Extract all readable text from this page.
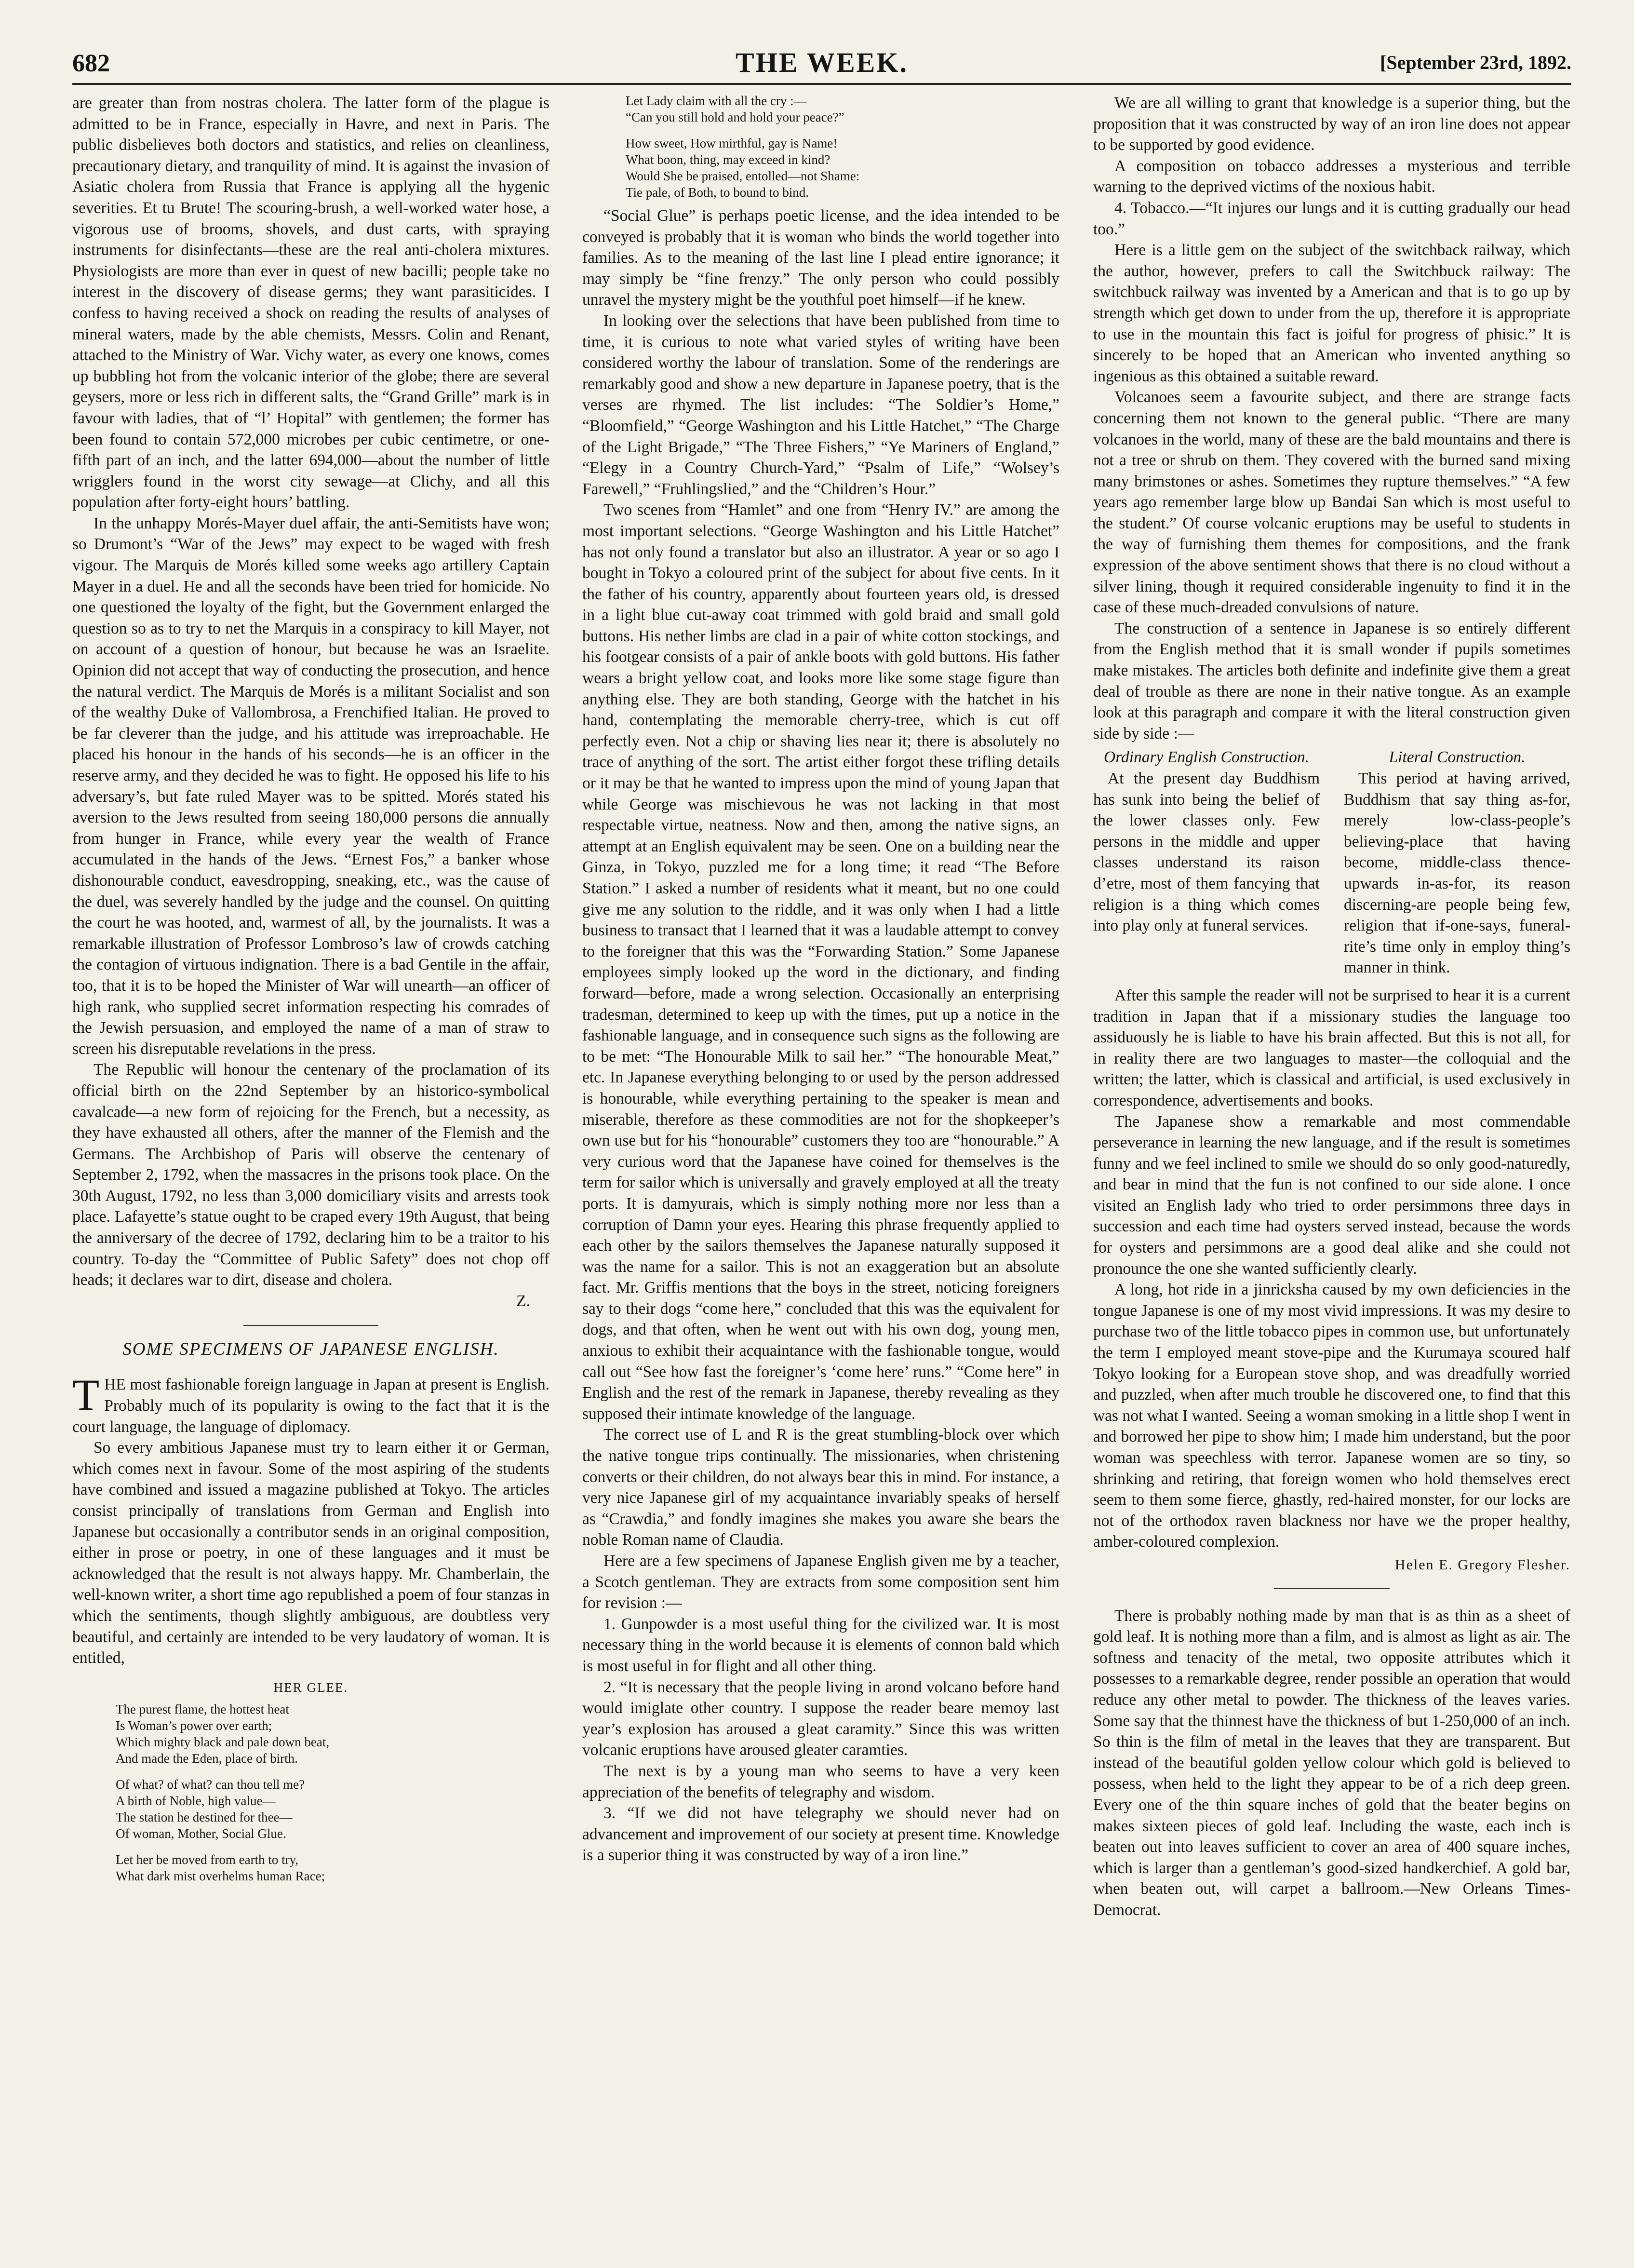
682	THE WEEK.	[September 23rd, 1892.

are greater than from nostras cholera. The latter form of the plague is admitted to be in France, especially in Havre, and next in Paris. The public disbelieves both doctors and statistics, and relies on cleanliness, precautionary dietary, and tranquility of mind. It is against the invasion of Asiatic cholera from Russia that France is applying all the hygenic severities. Et tu Brute! The scouring-brush, a well-worked water hose, a vigorous use of brooms, shovels, and dust carts, with spraying instruments for disinfectants—these are the real anti-cholera mixtures. Physiologists are more than ever in quest of new bacilli; people take no interest in the discovery of disease germs; they want parasiticides. I confess to having received a shock on reading the results of analyses of mineral waters, made by the able chemists, Messrs. Colin and Renant, attached to the Ministry of War. Vichy water, as every one knows, comes up bubbling hot from the volcanic interior of the globe; there are several geysers, more or less rich in different salts, the “Grand Grille” mark is in favour with ladies, that of “l’ Hopital” with gentlemen; the former has been found to contain 572,000 microbes per cubic centimetre, or one-fifth part of an inch, and the latter 694,000—about the number of little wrigglers found in the worst city sewage—at Clichy, and all this population after forty-eight hours’ battling.

In the unhappy Morés-Mayer duel affair, the anti-Semitists have won; so Drumont’s “War of the Jews” may expect to be waged with fresh vigour. The Marquis de Morés killed some weeks ago artillery Captain Mayer in a duel. He and all the seconds have been tried for homicide. No one questioned the loyalty of the fight, but the Government enlarged the question so as to try to net the Marquis in a conspiracy to kill Mayer, not on account of a question of honour, but because he was an Israelite. Opinion did not accept that way of conducting the prosecution, and hence the natural verdict. The Marquis de Morés is a militant Socialist and son of the wealthy Duke of Vallombrosa, a Frenchified Italian. He proved to be far cleverer than the judge, and his attitude was irreproachable. He placed his honour in the hands of his seconds—he is an officer in the reserve army, and they decided he was to fight. He opposed his life to his adversary’s, but fate ruled Mayer was to be spitted. Morés stated his aversion to the Jews resulted from seeing 180,000 persons die annually from hunger in France, while every year the wealth of France accumulated in the hands of the Jews. “Ernest Fos,” a banker whose dishonourable conduct, eavesdropping, sneaking, etc., was the cause of the duel, was severely handled by the judge and the counsel. On quitting the court he was hooted, and, warmest of all, by the journalists. It was a remarkable illustration of Professor Lombroso’s law of crowds catching the contagion of virtuous indignation. There is a bad Gentile in the affair, too, that it is to be hoped the Minister of War will unearth—an officer of high rank, who supplied secret information respecting his comrades of the Jewish persuasion, and employed the name of a man of straw to screen his disreputable revelations in the press.

The Republic will honour the centenary of the proclamation of its official birth on the 22nd September by an historico-symbolical cavalcade—a new form of rejoicing for the French, but a necessity, as they have exhausted all others, after the manner of the Flemish and the Germans. The Archbishop of Paris will observe the centenary of September 2, 1792, when the massacres in the prisons took place. On the 30th August, 1792, no less than 3,000 domiciliary visits and arrests took place. Lafayette’s statue ought to be craped every 19th August, that being the anniversary of the decree of 1792, declaring him to be a traitor to his country. To-day the “Committee of Public Safety” does not chop off heads; it declares war to dirt, disease and cholera.

Z.
SOME SPECIMENS OF JAPANESE ENGLISH.

THE most fashionable foreign language in Japan at present is English. Probably much of its popularity is owing to the fact that it is the court language, the language of diplomacy.

So every ambitious Japanese must try to learn either it or German, which comes next in favour. Some of the most aspiring of the students have combined and issued a magazine published at Tokyo. The articles consist principally of translations from German and English into Japanese but occasionally a contributor sends in an original composition, either in prose or poetry, in one of these languages and it must be acknowledged that the result is not always happy. Mr. Chamberlain, the well-known writer, a short time ago republished a poem of four stanzas in which the sentiments, though slightly ambiguous, are doubtless very beautiful, and certainly are intended to be very laudatory of woman. It is entitled,

HER GLEE.
The purest flame, the hottest heat
Is Woman’s power over earth;
Which mighty black and pale down beat,
And made the Eden, place of birth.
Of what? of what? can thou tell me?
A birth of Noble, high value—
The station he destined for thee—
Of woman, Mother, Social Glue.
Let her be moved from earth to try,
What dark mist overhelms human Race;
Let Lady claim with all the cry :—
“Can you still hold and hold your peace?”
How sweet, How mirthful, gay is Name!
What boon, thing, may exceed in kind?
Would She be praised, entolled—not Shame:
Tie pale, of Both, to bound to bind.

“Social Glue” is perhaps poetic license, and the idea intended to be conveyed is probably that it is woman who binds the world together into families. As to the meaning of the last line I plead entire ignorance; it may simply be “fine frenzy.” The only person who could possibly unravel the mystery might be the youthful poet himself—if he knew.

In looking over the selections that have been published from time to time, it is curious to note what varied styles of writing have been considered worthy the labour of translation. Some of the renderings are remarkably good and show a new departure in Japanese poetry, that is the verses are rhymed. The list includes: “The Soldier’s Home,” “Bloomfield,” “George Washington and his Little Hatchet,” “The Charge of the Light Brigade,” “The Three Fishers,” “Ye Mariners of England,” “Elegy in a Country Church-Yard,” “Psalm of Life,” “Wolsey’s Farewell,” “Fruhlingslied,” and the “Children’s Hour.”

Two scenes from “Hamlet” and one from “Henry IV.” are among the most important selections. “George Washington and his Little Hatchet” has not only found a translator but also an illustrator. A year or so ago I bought in Tokyo a coloured print of the subject for about five cents. In it the father of his country, apparently about fourteen years old, is dressed in a light blue cut-away coat trimmed with gold braid and small gold buttons. His nether limbs are clad in a pair of white cotton stockings, and his footgear consists of a pair of ankle boots with gold buttons. His father wears a bright yellow coat, and looks more like some stage figure than anything else. They are both standing, George with the hatchet in his hand, contemplating the memorable cherry-tree, which is cut off perfectly even. Not a chip or shaving lies near it; there is absolutely no trace of anything of the sort. The artist either forgot these trifling details or it may be that he wanted to impress upon the mind of young Japan that while George was mischievous he was not lacking in that most respectable virtue, neatness. Now and then, among the native signs, an attempt at an English equivalent may be seen. One on a building near the Ginza, in Tokyo, puzzled me for a long time; it read “The Before Station.” I asked a number of residents what it meant, but no one could give me any solution to the riddle, and it was only when I had a little business to transact that I learned that it was a laudable attempt to convey to the foreigner that this was the “Forwarding Station.” Some Japanese employees simply looked up the word in the dictionary, and finding forward—before, made a wrong selection. Occasionally an enterprising tradesman, determined to keep up with the times, put up a notice in the fashionable language, and in consequence such signs as the following are to be met: “The Honourable Milk to sail her.” “The honourable Meat,” etc. In Japanese everything belonging to or used by the person addressed is honourable, while everything pertaining to the speaker is mean and miserable, therefore as these commodities are not for the shopkeeper’s own use but for his “honourable” customers they too are “honourable.” A very curious word that the Japanese have coined for themselves is the term for sailor which is universally and gravely employed at all the treaty ports. It is damyurais, which is simply nothing more nor less than a corruption of Damn your eyes. Hearing this phrase frequently applied to each other by the sailors themselves the Japanese naturally supposed it was the name for a sailor. This is not an exaggeration but an absolute fact. Mr. Griffis mentions that the boys in the street, noticing foreigners say to their dogs “come here,” concluded that this was the equivalent for dogs, and that often, when he went out with his own dog, young men, anxious to exhibit their acquaintance with the fashionable tongue, would call out “See how fast the foreigner’s ‘come here’ runs.” “Come here” in English and the rest of the remark in Japanese, thereby revealing as they supposed their intimate knowledge of the language.

The correct use of L and R is the great stumbling-block over which the native tongue trips continually. The missionaries, when christening converts or their children, do not always bear this in mind. For instance, a very nice Japanese girl of my acquaintance invariably speaks of herself as “Crawdia,” and fondly imagines she makes you aware she bears the noble Roman name of Claudia.

Here are a few specimens of Japanese English given me by a teacher, a Scotch gentleman. They are extracts from some composition sent him for revision :—

1. Gunpowder is a most useful thing for the civilized war. It is most necessary thing in the world because it is elements of connon bald which is most useful in for flight and all other thing.

2. “It is necessary that the people living in arond volcano before hand would imiglate other country. I suppose the reader beare memoy last year’s explosion has aroused a gleat caramity.” Since this was written volcanic eruptions have aroused gleater caramties.

The next is by a young man who seems to have a very keen appreciation of the benefits of telegraphy and wisdom.

3. “If we did not have telegraphy we should never had on advancement and improvement of our society at present time. Knowledge is a superior thing it was constructed by way of a iron line.”

We are all willing to grant that knowledge is a superior thing, but the proposition that it was constructed by way of an iron line does not appear to be supported by good evidence.

A composition on tobacco addresses a mysterious and terrible warning to the deprived victims of the noxious habit.

4. Tobacco.—“It injures our lungs and it is cutting gradually our head too.”

Here is a little gem on the subject of the switchback railway, which the author, however, prefers to call the Switchbuck railway: The switchbuck railway was invented by a American and that is to go up by strength which get down to under from the up, therefore it is appropriate to use in the mountain this fact is joiful for progress of phisic.” It is sincerely to be hoped that an American who invented anything so ingenious as this obtained a suitable reward.

Volcanoes seem a favourite subject, and there are strange facts concerning them not known to the general public. “There are many volcanoes in the world, many of these are the bald mountains and there is not a tree or shrub on them. They covered with the burned sand mixing many brimstones or ashes. Sometimes they rupture themselves.” “A few years ago remember large blow up Bandai San which is most useful to the student.” Of course volcanic eruptions may be useful to students in the way of furnishing them themes for compositions, and the frank expression of the above sentiment shows that there is no cloud without a silver lining, though it required considerable ingenuity to find it in the case of these much-dreaded convulsions of nature.

The construction of a sentence in Japanese is so entirely different from the English method that it is small wonder if pupils sometimes make mistakes. The articles both definite and indefinite give them a great deal of trouble as there are none in their native tongue. As an example look at this paragraph and compare it with the literal construction given side by side :—

Ordinary English Construction.

At the present day Buddhism has sunk into being the belief of the lower classes only. Few persons in the middle and upper classes understand its raison d’etre, most of them fancying that religion is a thing which comes into play only at funeral services.

Literal Construction.

This period at having arrived, Buddhism that say thing as-for, merely low-class-people’s believing-place that having become, middle-class thence-upwards in-as-for, its reason discerning-are people being few, religion that if-one-says, funeral-rite’s time only in employ thing’s manner in think.

After this sample the reader will not be surprised to hear it is a current tradition in Japan that if a missionary studies the language too assiduously he is liable to have his brain affected. But this is not all, for in reality there are two languages to master—the colloquial and the written; the latter, which is classical and artificial, is used exclusively in correspondence, advertisements and books.

The Japanese show a remarkable and most commendable perseverance in learning the new language, and if the result is sometimes funny and we feel inclined to smile we should do so only good-naturedly, and bear in mind that the fun is not confined to our side alone. I once visited an English lady who tried to order persimmons three days in succession and each time had oysters served instead, because the words for oysters and persimmons are a good deal alike and she could not pronounce the one she wanted sufficiently clearly.

A long, hot ride in a jinricksha caused by my own deficiencies in the tongue Japanese is one of my most vivid impressions. It was my desire to purchase two of the little tobacco pipes in common use, but unfortunately the term I employed meant stove-pipe and the Kurumaya scoured half Tokyo looking for a European stove shop, and was dreadfully worried and puzzled, when after much trouble he discovered one, to find that this was not what I wanted. Seeing a woman smoking in a little shop I went in and borrowed her pipe to show him; I made him understand, but the poor woman was speechless with terror. Japanese women are so tiny, so shrinking and retiring, that foreign women who hold themselves erect seem to them some fierce, ghastly, red-haired monster, for our locks are not of the orthodox raven blackness nor have we the proper healthy, amber-coloured complexion.

Helen E. Gregory Flesher.

There is probably nothing made by man that is as thin as a sheet of gold leaf. It is nothing more than a film, and is almost as light as air. The softness and tenacity of the metal, two opposite attributes which it possesses to a remarkable degree, render possible an operation that would reduce any other metal to powder. The thickness of the leaves varies. Some say that the thinnest have the thickness of but 1-250,000 of an inch. So thin is the film of metal in the leaves that they are transparent. But instead of the beautiful golden yellow colour which gold is believed to possess, when held to the light they appear to be of a rich deep green. Every one of the thin square inches of gold that the beater begins on makes sixteen pieces of gold leaf. Including the waste, each inch is beaten out into leaves sufficient to cover an area of 400 square inches, which is larger than a gentleman’s good-sized handkerchief. A gold bar, when beaten out, will carpet a ballroom.—New Orleans Times-Democrat.
